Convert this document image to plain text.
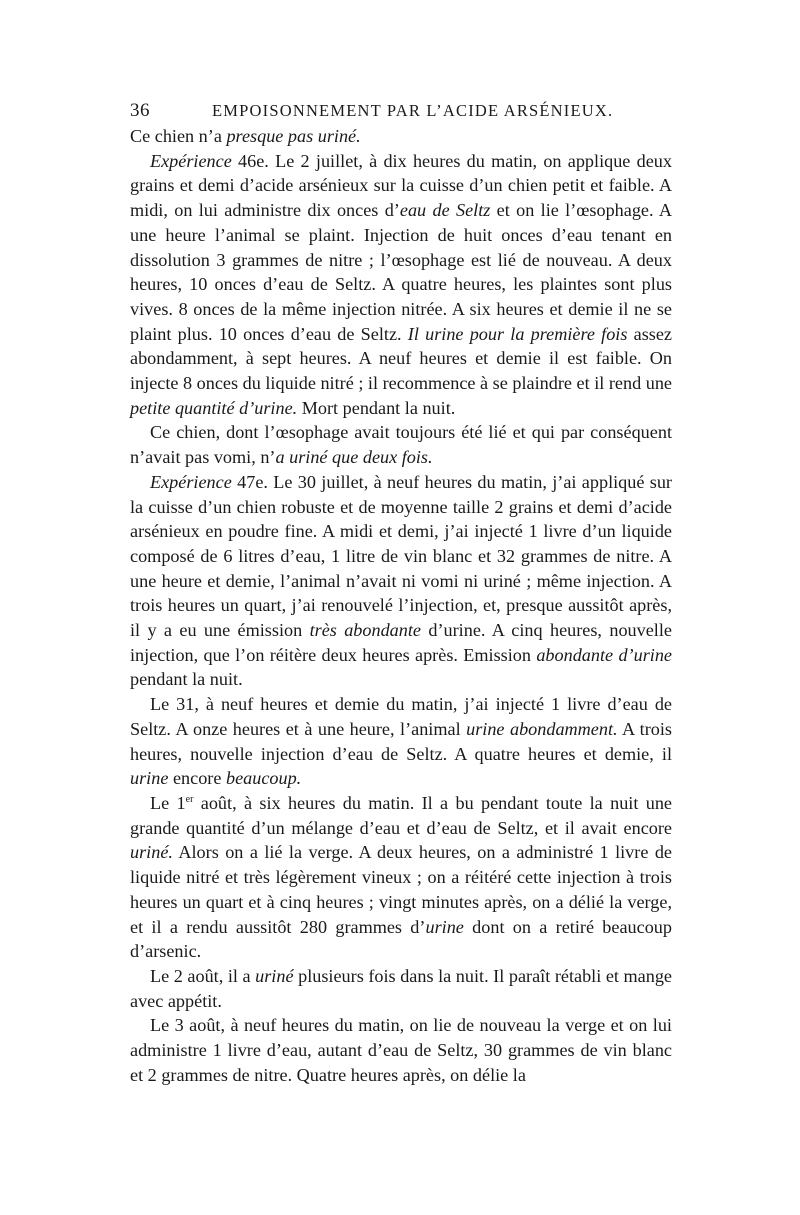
36	EMPOISONNEMENT PAR L’ACIDE ARSÉNIEUX.

Ce chien n’a presque pas uriné.

Expérience 46e. Le 2 juillet, à dix heures du matin, on applique deux grains et demi d’acide arsénieux sur la cuisse d’un chien petit et faible. A midi, on lui administre dix onces d’eau de Seltz et on lie l’œsophage. A une heure l’animal se plaint. Injection de huit onces d’eau tenant en dissolution 3 grammes de nitre ; l’œsophage est lié de nouveau. A deux heures, 10 onces d’eau de Seltz. A quatre heures, les plaintes sont plus vives. 8 onces de la même injection nitrée. A six heures et demie il ne se plaint plus. 10 onces d’eau de Seltz. Il urine pour la première fois assez abondamment, à sept heures. A neuf heures et demie il est faible. On injecte 8 onces du liquide nitré ; il recommence à se plaindre et il rend une petite quantité d’urine. Mort pendant la nuit.

Ce chien, dont l’œsophage avait toujours été lié et qui par conséquent n’avait pas vomi, n’a uriné que deux fois.

Expérience 47e. Le 30 juillet, à neuf heures du matin, j’ai appliqué sur la cuisse d’un chien robuste et de moyenne taille 2 grains et demi d’acide arsénieux en poudre fine. A midi et demi, j’ai injecté 1 livre d’un liquide composé de 6 litres d’eau, 1 litre de vin blanc et 32 grammes de nitre. A une heure et demie, l’animal n’avait ni vomi ni uriné ; même injection. A trois heures un quart, j’ai renouvelé l’injection, et, presque aussitôt après, il y a eu une émission très abondante d’urine. A cinq heures, nouvelle injection, que l’on réitère deux heures après. Emission abondante d’urine pendant la nuit.

Le 31, à neuf heures et demie du matin, j’ai injecté 1 livre d’eau de Seltz. A onze heures et à une heure, l’animal urine abondamment. A trois heures, nouvelle injection d’eau de Seltz. A quatre heures et demie, il urine encore beaucoup.

Le 1er août, à six heures du matin. Il a bu pendant toute la nuit une grande quantité d’un mélange d’eau et d’eau de Seltz, et il avait encore uriné. Alors on a lié la verge. A deux heures, on a administré 1 livre de liquide nitré et très légèrement vineux ; on a réitéré cette injection à trois heures un quart et à cinq heures ; vingt minutes après, on a délié la verge, et il a rendu aussitôt 280 grammes d’urine dont on a retiré beaucoup d’arsenic.

Le 2 août, il a uriné plusieurs fois dans la nuit. Il paraît rétabli et mange avec appétit.

Le 3 août, à neuf heures du matin, on lie de nouveau la verge et on lui administre 1 livre d’eau, autant d’eau de Seltz, 30 grammes de vin blanc et 2 grammes de nitre. Quatre heures après, on délie la
